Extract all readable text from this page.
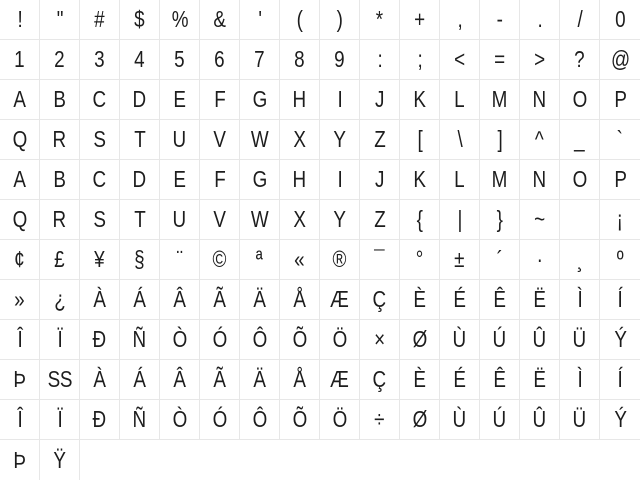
! " # $ % & ' ( ) * + , - . / 0
1 2 3 4 5 6 7 8 9 : ; < = > ? @
A B C D E F G H I J K L M N O P
Q R S T U V W X Y Z [ \ ] ^ _ `
A B C D E F G H I J K L M N O P
Q R S T U V W X Y Z { | } ~	¡
¢ £ ¥ § ¨ © ª « ® ¯ ° ± ´ · ¸ º
» ¿ À Á Â Ã Ä Å Æ Ç È É Ê Ë Ì Í
Î Ï Ð Ñ Ò Ó Ô Õ Ö × Ø Ù Ú Û Ü Ý
Þ SS À Á Â Ã Ä Å Æ Ç È É Ê Ë Ì Í
Î Ï Ð Ñ Ò Ó Ô Õ Ö ÷ Ø Ù Ú Û Ü Ý
Þ Ÿ
